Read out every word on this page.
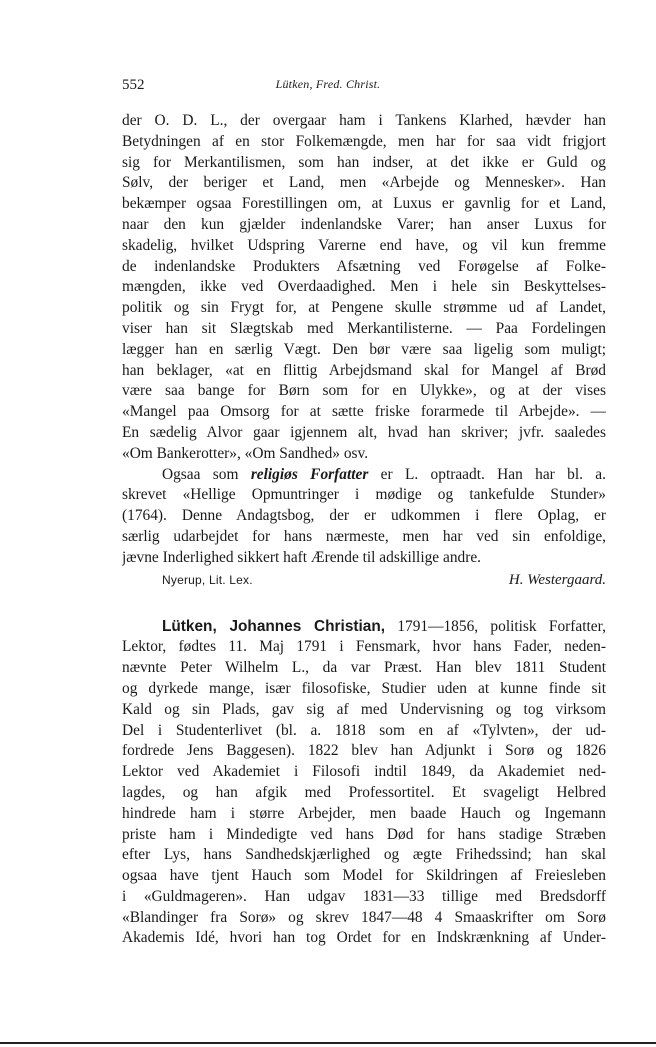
552	Lütken, Fred. Christ.
der O. D. L., der overgaar ham i Tankens Klarhed, hævder han
Betydningen af en stor Folkemængde, men har for saa vidt frigjort
sig for Merkantilismen, som han indser, at det ikke er Guld og
Sølv, der beriger et Land, men «Arbejde og Mennesker». Han
bekæmper ogsaa Forestillingen om, at Luxus er gavnlig for et Land,
naar den kun gjælder indenlandske Varer; han anser Luxus for
skadelig, hvilket Udspring Varerne end have, og vil kun fremme
de indenlandske Produkters Afsætning ved Forøgelse af Folke-
mængden, ikke ved Overdaadighed. Men i hele sin Beskyttelses-
politik og sin Frygt for, at Pengene skulle strømme ud af Landet,
viser han sit Slægtskab med Merkantilisterne. — Paa Fordelingen
lægger han en særlig Vægt. Den bør være saa ligelig som muligt;
han beklager, «at en flittig Arbejdsmand skal for Mangel af Brød
være saa bange for Børn som for en Ulykke», og at der vises
«Mangel paa Omsorg for at sætte friske forarmede til Arbejde». —
En sædelig Alvor gaar igjennem alt, hvad han skriver; jvfr. saaledes
«Om Bankerotter», «Om Sandhed» osv.
Ogsaa som religiøs Forfatter er L. optraadt. Han har bl. a.
skrevet «Hellige Opmuntringer i mødige og tankefulde Stunder»
(1764). Denne Andagtsbog, der er udkommen i flere Oplag, er
særlig udarbejdet for hans nærmeste, men har ved sin enfoldige,
jævne Inderlighed sikkert haft Ærende til adskillige andre.
Nyerup, Lit. Lex.	H. Westergaard.
Lütken, Johannes Christian, 1791—1856, politisk Forfatter,
Lektor, fødtes 11. Maj 1791 i Fensmark, hvor hans Fader, neden-
nævnte Peter Wilhelm L., da var Præst. Han blev 1811 Student
og dyrkede mange, især filosofiske, Studier uden at kunne finde sit
Kald og sin Plads, gav sig af med Undervisning og tog virksom
Del i Studenterlivet (bl. a. 1818 som en af «Tylvten», der ud-
fordrede Jens Baggesen). 1822 blev han Adjunkt i Sorø og 1826
Lektor ved Akademiet i Filosofi indtil 1849, da Akademiet ned-
lagdes, og han afgik med Professortitel. Et svageligt Helbred
hindrede ham i større Arbejder, men baade Hauch og Ingemann
priste ham i Mindedigte ved hans Død for hans stadige Stræben
efter Lys, hans Sandhedskjærlighed og ægte Frihedssind; han skal
ogsaa have tjent Hauch som Model for Skildringen af Freiesleben
i «Guldmageren». Han udgav 1831—33 tillige med Bredsdorff
«Blandinger fra Sorø» og skrev 1847—48 4 Smaaskrifter om Sorø
Akademis Idé, hvori han tog Ordet for en Indskrænkning af Under-
